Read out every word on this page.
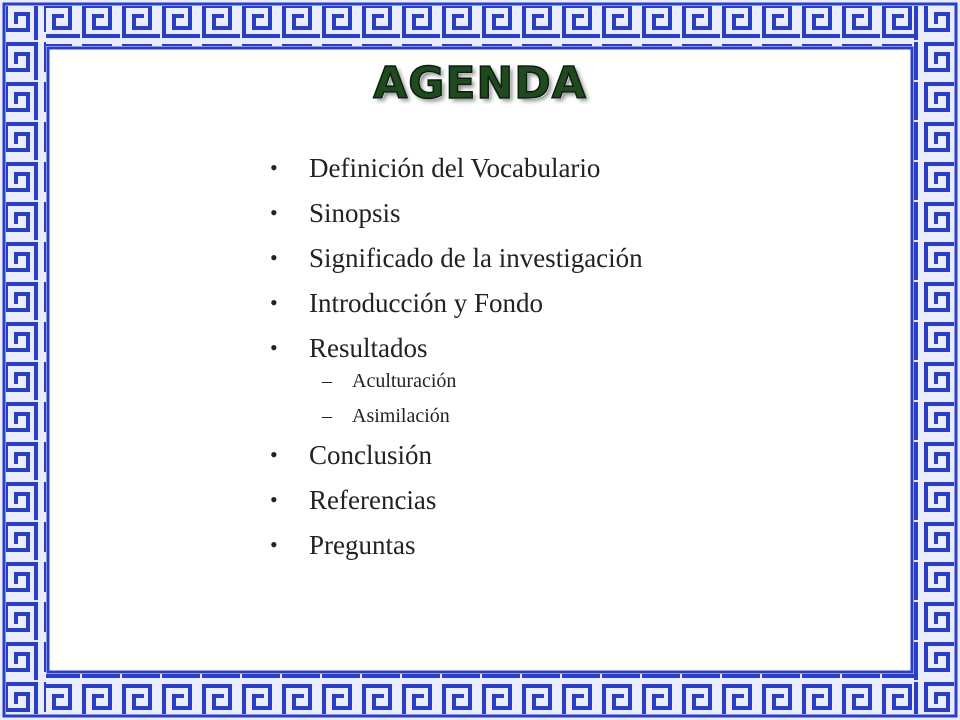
AGENDA
• Definición del Vocabulario
• Sinopsis
• Significado de la investigación
• Introducción y Fondo
• Resultados
– Aculturación
– Asimilación
• Conclusión
• Referencias
• Preguntas
